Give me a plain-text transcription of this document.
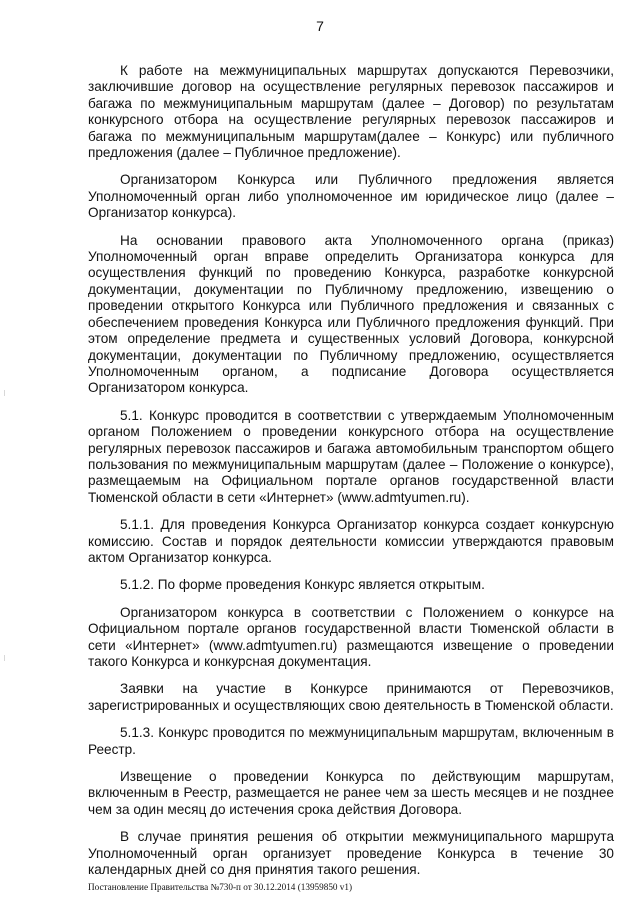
7

К работе на межмуниципальных маршрутах допускаются Перевозчики, заключившие договор на осуществление регулярных перевозок пассажиров и багажа по межмуниципальным маршрутам (далее – Договор) по результатам конкурсного отбора на осуществление регулярных перевозок пассажиров и багажа по межмуниципальным маршрутам(далее – Конкурс) или публичного предложения (далее – Публичное предложение).

Организатором Конкурса или Публичного предложения является Уполномоченный орган либо уполномоченное им юридическое лицо (далее – Организатор конкурса).

На основании правового акта Уполномоченного органа (приказ) Уполномоченный орган вправе определить Организатора конкурса для осуществления функций по проведению Конкурса, разработке конкурсной документации, документации по Публичному предложению, извещению о проведении открытого Конкурса или Публичного предложения и связанных с обеспечением проведения Конкурса или Публичного предложения функций. При этом определение предмета и существенных условий Договора, конкурсной документации, документации по Публичному предложению, осуществляется Уполномоченным органом, а подписание Договора осуществляется Организатором конкурса.

5.1. Конкурс проводится в соответствии с утверждаемым Уполномоченным органом Положением о проведении конкурсного отбора на осуществление регулярных перевозок пассажиров и багажа автомобильным транспортом общего пользования по межмуниципальным маршрутам (далее – Положение о конкурсе), размещаемым на Официальном портале органов государственной власти Тюменской области в сети «Интернет» (www.admtyumen.ru).

5.1.1. Для проведения Конкурса Организатор конкурса создает конкурсную комиссию. Состав и порядок деятельности комиссии утверждаются правовым актом Организатор конкурса.

5.1.2. По форме проведения Конкурс является открытым.

Организатором конкурса в соответствии с Положением о конкурсе на Официальном портале органов государственной власти Тюменской области в сети «Интернет» (www.admtyumen.ru) размещаются извещение о проведении такого Конкурса и конкурсная документация.

Заявки на участие в Конкурсе принимаются от Перевозчиков, зарегистрированных и осуществляющих свою деятельность в Тюменской области.

5.1.3. Конкурс проводится по межмуниципальным маршрутам, включенным в Реестр.

Извещение о проведении Конкурса по действующим маршрутам, включенным в Реестр, размещается не ранее чем за шесть месяцев и не позднее чем за один месяц до истечения срока действия Договора.

В случае принятия решения об открытии межмуниципального маршрута Уполномоченный орган организует проведение Конкурса в течение 30 календарных дней со дня принятия такого решения.

Постановление Правительства №730-п от 30.12.2014 (13959850 v1)
